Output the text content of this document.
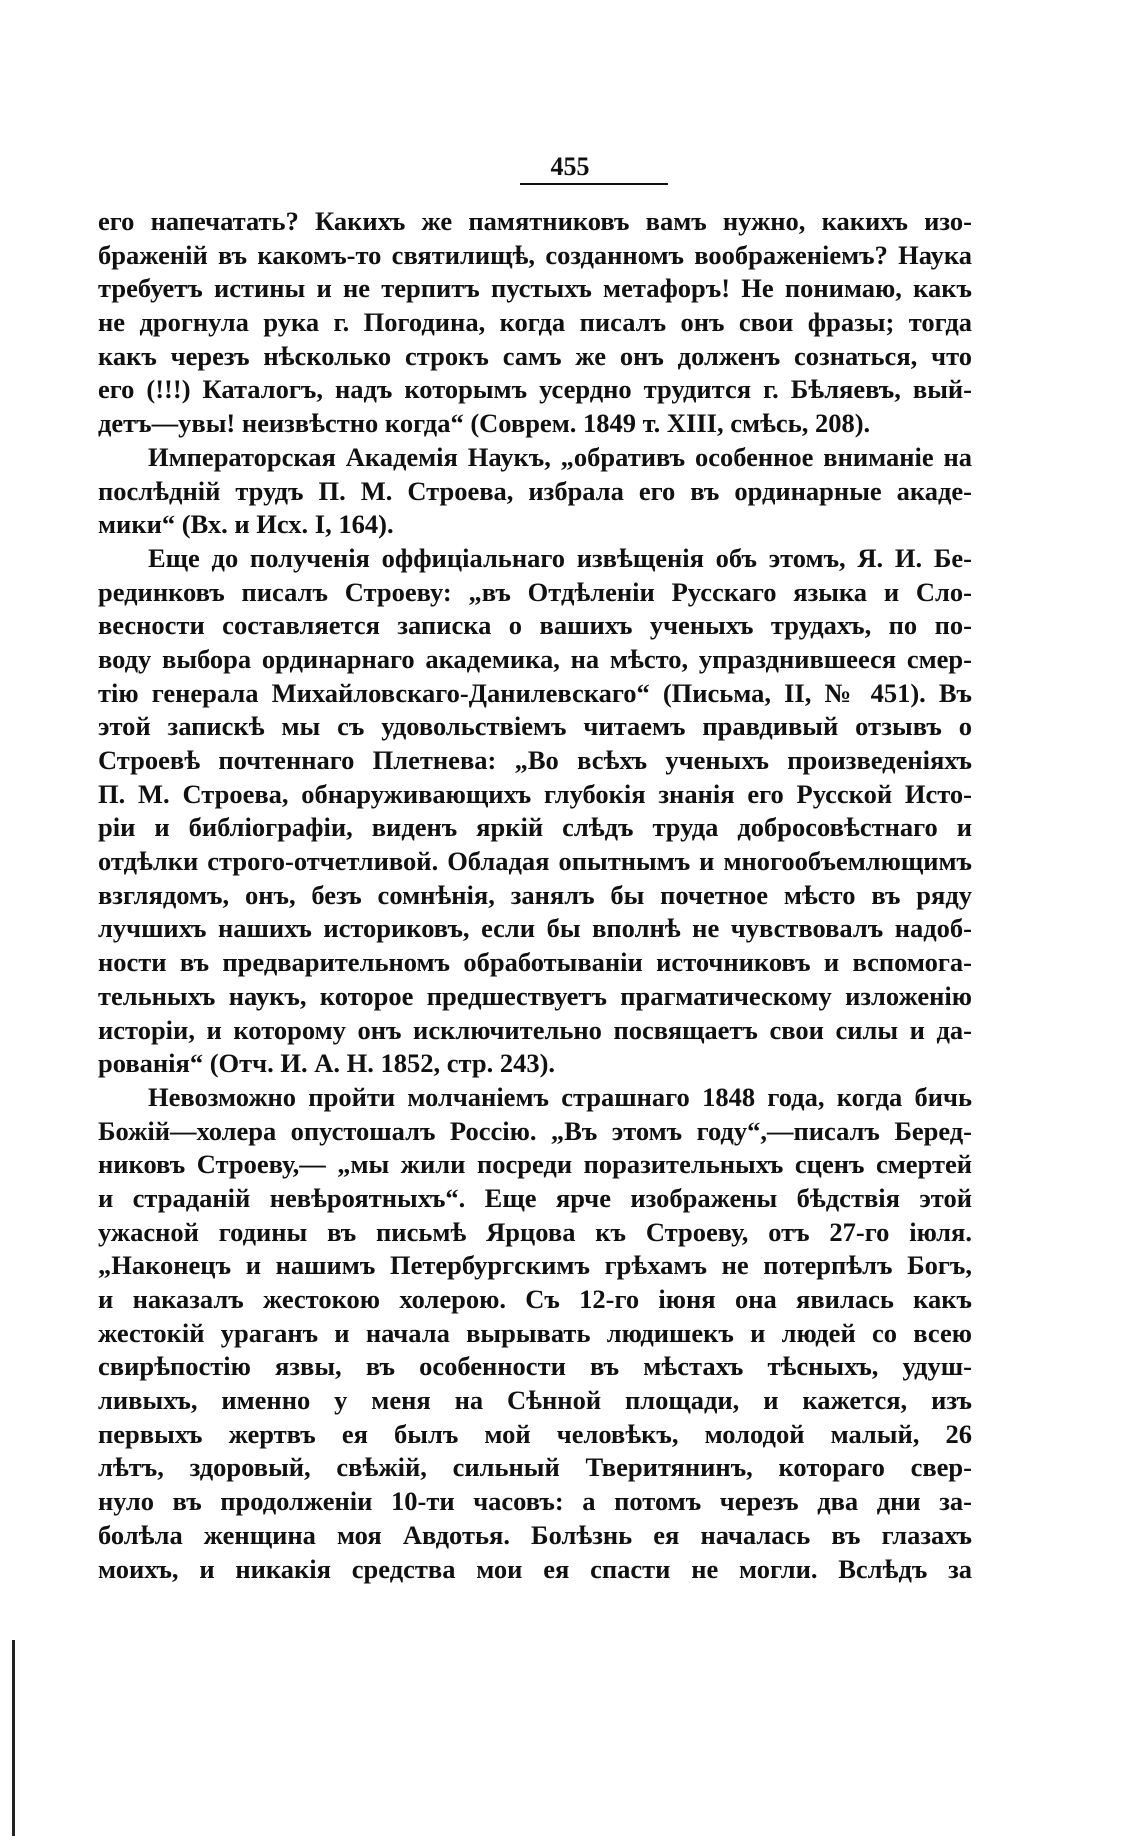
455
его напечатать? Какихъ же памятниковъ вамъ нужно, какихъ изо-
браженій въ какомъ-то святилищѣ, созданномъ воображеніемъ? Наука
требуетъ истины и не терпитъ пустыхъ метафоръ! Не понимаю, какъ
не дрогнула рука г. Погодина, когда писалъ онъ свои фразы; тогда
какъ черезъ нѣсколько строкъ самъ же онъ долженъ сознаться, что
его (!!!) Каталогъ, надъ которымъ усердно трудится г. Бѣляевъ, вый-
детъ—увы! неизвѣстно когда“ (Соврем. 1849 т. XIII, смѣсь, 208).
Императорская Академія Наукъ, „обративъ особенное вниманіе на
послѣдній трудъ П. М. Строева, избрала его въ ординарные акаде-
мики“ (Вх. и Исх. I, 164).
Еще до полученія оффиціальнаго извѣщенія объ этомъ, Я. И. Бе-
рединковъ писалъ Строеву: „въ Отдѣленіи Русскаго языка и Сло-
весности составляется записка о вашихъ ученыхъ трудахъ, по по-
воду выбора ординарнаго академика, на мѣсто, упразднившееся смер-
тію генерала Михайловскаго-Данилевскаго“ (Письма, II, № 451). Въ
этой запискѣ мы съ удовольствіемъ читаемъ правдивый отзывъ о
Строевѣ почтеннаго Плетнева: „Во всѣхъ ученыхъ произведеніяхъ
П. М. Строева, обнаруживающихъ глубокія знанія его Русской Исто-
ріи и библіографіи, виденъ яркій слѣдъ труда добросовѣстнаго и
отдѣлки строго-отчетливой. Обладая опытнымъ и многообъемлющимъ
взглядомъ, онъ, безъ сомнѣнія, занялъ бы почетное мѣсто въ ряду
лучшихъ нашихъ историковъ, если бы вполнѣ не чувствовалъ надоб-
ности въ предварительномъ обработываніи источниковъ и вспомога-
тельныхъ наукъ, которое предшествуетъ прагматическому изложенію
исторіи, и которому онъ исключительно посвящаетъ свои силы и да-
рованія“ (Отч. И. А. Н. 1852, стр. 243).
Невозможно пройти молчаніемъ страшнаго 1848 года, когда бичь
Божій—холера опустошалъ Россію. „Въ этомъ году“,—писалъ Беред-
никовъ Строеву,— „мы жили посреди поразительныхъ сценъ смертей
и страданій невѣроятныхъ“. Еще ярче изображены бѣдствія этой
ужасной годины въ письмѣ Ярцова къ Строеву, отъ 27-го іюля.
„Наконецъ и нашимъ Петербургскимъ грѣхамъ не потерпѣлъ Богъ,
и наказалъ жестокою холерою. Съ 12-го іюня она явилась какъ
жестокій ураганъ и начала вырывать людишекъ и людей со всею
свирѣпостію язвы, въ особенности въ мѣстахъ тѣсныхъ, удуш-
ливыхъ, именно у меня на Сѣнной площади, и кажется, изъ
первыхъ жертвъ ея былъ мой человѣкъ, молодой малый, 26
лѣтъ, здоровый, свѣжій, сильный Тверитянинъ, котораго свер-
нуло въ продолженіи 10-ти часовъ: а потомъ черезъ два дни за-
болѣла женщина моя Авдотья. Болѣзнь ея началась въ глазахъ
моихъ, и никакія средства мои ея спасти не могли. Вслѣдъ за
